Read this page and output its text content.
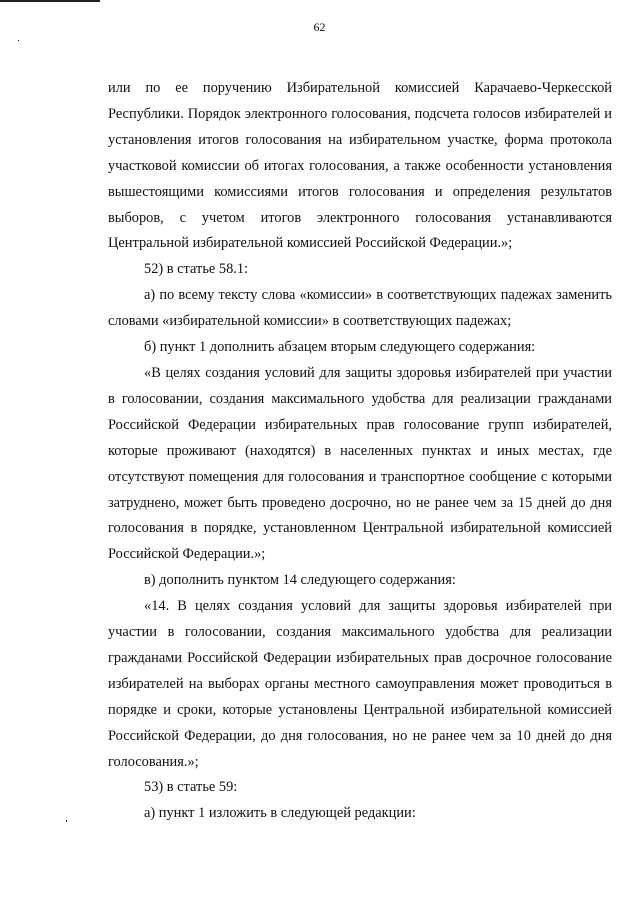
62

или по ее поручению Избирательной комиссией Карачаево-Черкесской Республики. Порядок электронного голосования, подсчета голосов избирателей и установления итогов голосования на избирательном участке, форма протокола участковой комиссии об итогах голосования, а также особенности установления вышестоящими комиссиями итогов голосования и определения результатов выборов, с учетом итогов электронного голосования устанавливаются Центральной избирательной комиссией Российской Федерации.»;

52) в статье 58.1:

а) по всему тексту слова «комиссии» в соответствующих падежах заменить словами «избирательной комиссии» в соответствующих падежах;

б) пункт 1 дополнить абзацем вторым следующего содержания:

«В целях создания условий для защиты здоровья избирателей при участии в голосовании, создания максимального удобства для реализации гражданами Российской Федерации избирательных прав голосование групп избирателей, которые проживают (находятся) в населенных пунктах и иных местах, где отсутствуют помещения для голосования и транспортное сообщение с которыми затруднено, может быть проведено досрочно, но не ранее чем за 15 дней до дня голосования в порядке, установленном Центральной избирательной комиссией Российской Федерации.»;

в) дополнить пунктом 14 следующего содержания:

«14. В целях создания условий для защиты здоровья избирателей при участии в голосовании, создания максимального удобства для реализации гражданами Российской Федерации избирательных прав досрочное голосование избирателей на выборах органы местного самоуправления может проводиться в порядке и сроки, которые установлены Центральной избирательной комиссией Российской Федерации, до дня голосования, но не ранее чем за 10 дней до дня голосования.»;

53) в статье 59:

а) пункт 1 изложить в следующей редакции:
